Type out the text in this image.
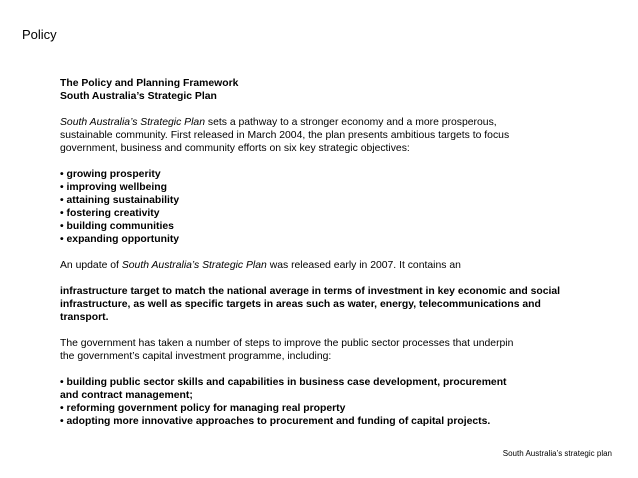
Policy

The Policy and Planning Framework

South Australia’s Strategic Plan

South Australia’s Strategic Plan sets a pathway to a stronger economy and a more prosperous,

sustainable community. First released in March 2004, the plan presents ambitious targets to focus

government, business and community efforts on six key strategic objectives:

• growing prosperity
• improving wellbeing
• attaining sustainability
• fostering creativity
• building communities
• expanding opportunity

An update of South Australia’s Strategic Plan was released early in 2007. It contains an

infrastructure target to match the national average in terms of investment in key economic and social

infrastructure, as well as specific targets in areas such as water, energy, telecommunications and

transport.

The government has taken a number of steps to improve the public sector processes that underpin

the government’s capital investment programme, including:

• building public sector skills and capabilities in business case development, procurement
and contract management;
• reforming government policy for managing real property
• adopting more innovative approaches to procurement and funding of capital projects.
South Australia’s strategic plan
